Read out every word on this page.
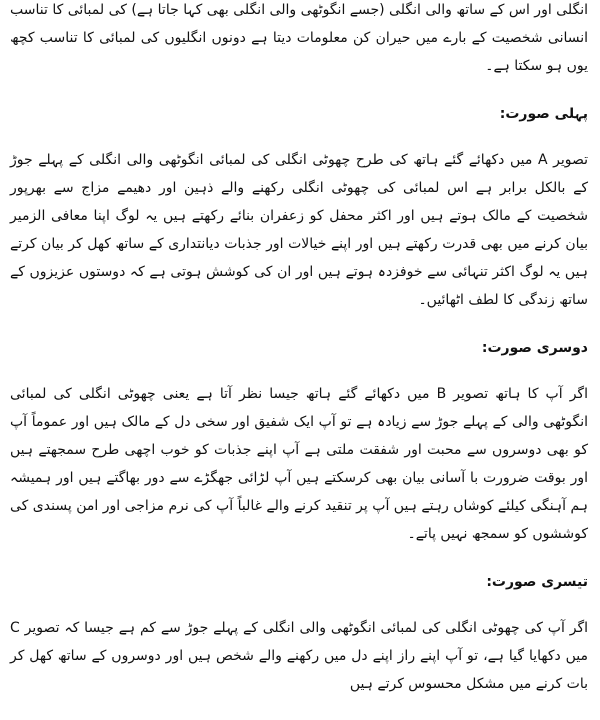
انگلی اور اس کے ساتھ والی انگلی (جسے انگوٹھی والی انگلی بھی کہا جاتا ہے) کی لمبائی کا تناسب انسانی شخصیت کے بارے میں حیران کن معلومات دیتا ہے دونوں انگلیوں کی لمبائی کا تناسب کچھ یوں ہو سکتا ہے۔

پہلی صورت:

تصویر A میں دکھائے گئے ہاتھ کی طرح چھوٹی انگلی کی لمبائی انگوٹھی والی انگلی کے پہلے جوڑ کے بالکل برابر ہے اس لمبائی کی چھوٹی انگلی رکھنے والے ذہین اور دھیمے مزاج سے بھرپور شخصیت کے مالک ہوتے ہیں اور اکثر محفل کو زعفران بنائے رکھتے ہیں یہ لوگ اپنا معافی الزمیر بیان کرنے میں بھی قدرت رکھتے ہیں اور اپنے خیالات اور جذبات دیانتداری کے ساتھ کھل کر بیان کرتے ہیں یہ لوگ اکثر تنہائی سے خوفزدہ ہوتے ہیں اور ان کی کوشش ہوتی ہے کہ دوستوں عزیزوں کے ساتھ زندگی کا لطف اٹھائیں۔

دوسری صورت:

اگر آپ کا ہاتھ تصویر B میں دکھائے گئے ہاتھ جیسا نظر آتا ہے یعنی چھوٹی انگلی کی لمبائی انگوٹھی والی کے پہلے جوڑ سے زیادہ ہے تو آپ ایک شفیق اور سخی دل کے مالک ہیں اور عموماً آپ کو بھی دوسروں سے محبت اور شفقت ملتی ہے آپ اپنے جذبات کو خوب اچھی طرح سمجھتے ہیں اور بوقت ضرورت با آسانی بیان بھی کرسکتے ہیں آپ لڑائی جھگڑے سے دور بھاگتے ہیں اور ہمیشہ ہم آہنگی کیلئے کوشاں رہتے ہیں آپ پر تنقید کرنے والے غالباً آپ کی نرم مزاجی اور امن پسندی کی کوششوں کو سمجھ نہیں پاتے۔

تیسری صورت:

اگر آپ کی چھوٹی انگلی کی لمبائی انگوٹھی والی انگلی کے پہلے جوڑ سے کم ہے جیسا کہ تصویر C میں دکھایا گیا ہے، تو آپ اپنے راز اپنے دل میں رکھنے والے شخص ہیں اور دوسروں کے ساتھ کھل کر بات کرنے میں مشکل محسوس کرتے ہیں
